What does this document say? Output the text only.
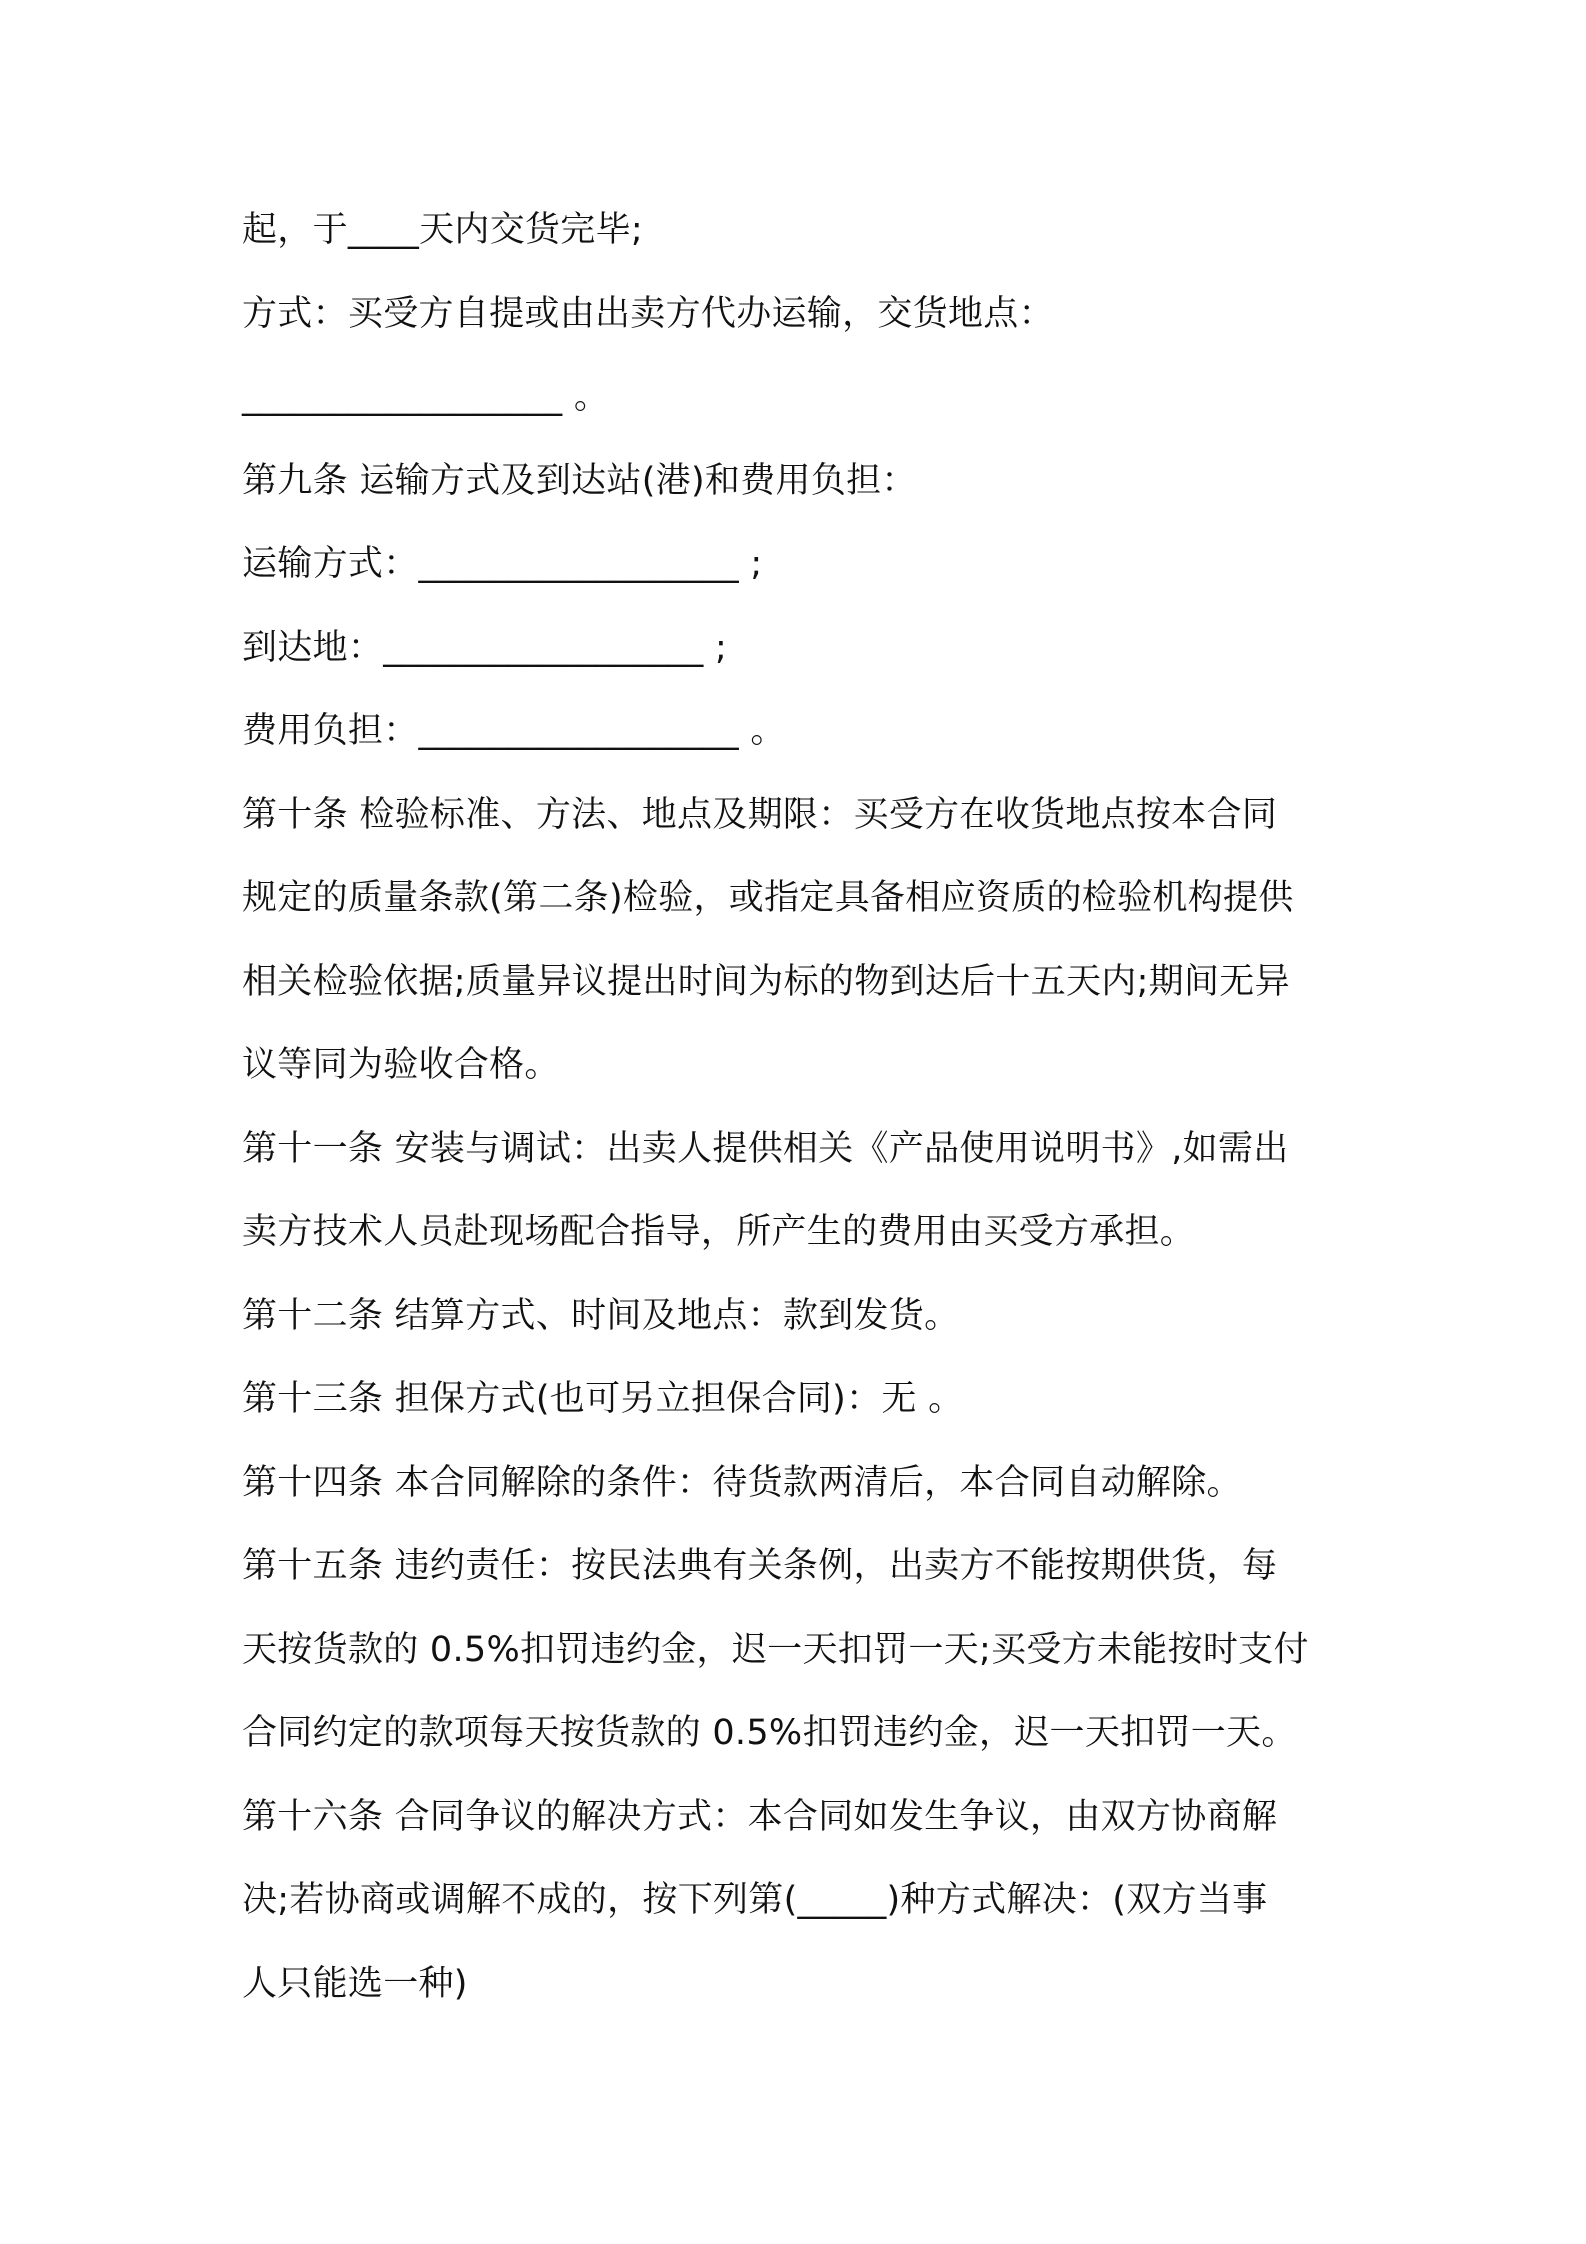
起，于____天内交货完毕;

方式：买受方自提或由出卖方代办运输，交货地点：

__________________ 。

第九条 运输方式及到达站(港)和费用负担：

运输方式：__________________ ;

到达地：__________________ ;

费用负担：__________________ 。

第十条 检验标准、方法、地点及期限：买受方在收货地点按本合同

规定的质量条款(第二条)检验，或指定具备相应资质的检验机构提供

相关检验依据;质量异议提出时间为标的物到达后十五天内;期间无异

议等同为验收合格。

第十一条 安装与调试：出卖人提供相关《产品使用说明书》,如需出

卖方技术人员赴现场配合指导，所产生的费用由买受方承担。

第十二条 结算方式、时间及地点：款到发货。

第十三条 担保方式(也可另立担保合同)：无 。

第十四条 本合同解除的条件：待货款两清后，本合同自动解除。

第十五条 违约责任：按民法典有关条例，出卖方不能按期供货，每

天按货款的 0.5%扣罚违约金，迟一天扣罚一天;买受方未能按时支付

合同约定的款项每天按货款的 0.5%扣罚违约金，迟一天扣罚一天。

第十六条 合同争议的解决方式：本合同如发生争议，由双方协商解

决;若协商或调解不成的，按下列第(_____)种方式解决：(双方当事

人只能选一种)
